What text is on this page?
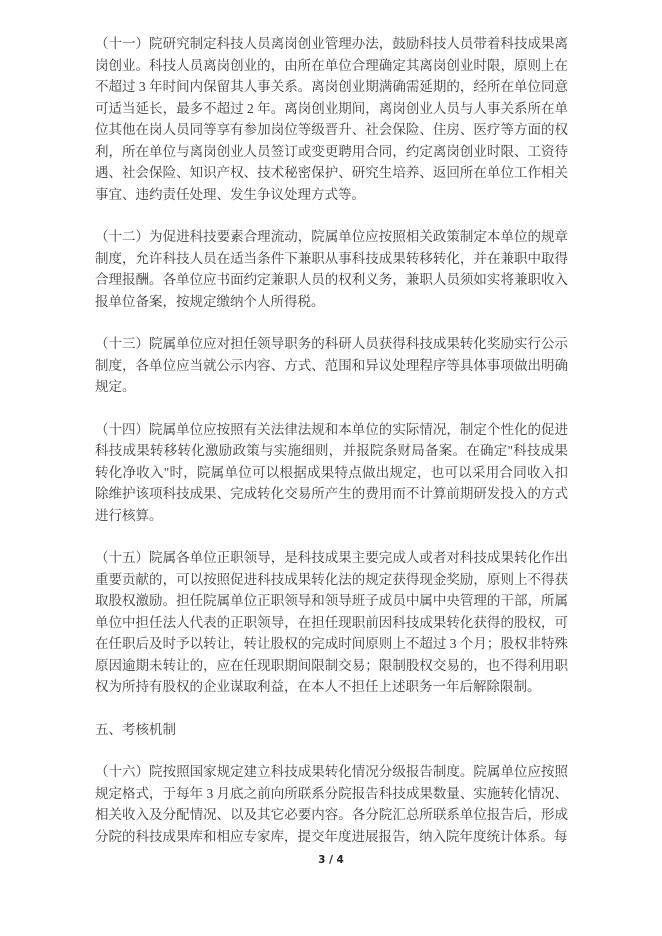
（十一）院研究制定科技人员离岗创业管理办法，鼓励科技人员带着科技成果离岗创业。科技人员离岗创业的，由所在单位合理确定其离岗创业时限，原则上在不超过 3 年时间内保留其人事关系。离岗创业期满确需延期的，经所在单位同意可适当延长，最多不超过 2 年。离岗创业期间，离岗创业人员与人事关系所在单位其他在岗人员同等享有参加岗位等级晋升、社会保险、住房、医疗等方面的权利，所在单位与离岗创业人员签订或变更聘用合同，约定离岗创业时限、工资待遇、社会保险、知识产权、技术秘密保护、研究生培养、返回所在单位工作相关事宜、违约责任处理、发生争议处理方式等。

（十二）为促进科技要素合理流动，院属单位应按照相关政策制定本单位的规章制度，允许科技人员在适当条件下兼职从事科技成果转移转化，并在兼职中取得合理报酬。各单位应书面约定兼职人员的权利义务，兼职人员须如实将兼职收入报单位备案，按规定缴纳个人所得税。

（十三）院属单位应对担任领导职务的科研人员获得科技成果转化奖励实行公示制度，各单位应当就公示内容、方式、范围和异议处理程序等具体事项做出明确规定。

（十四）院属单位应按照有关法律法规和本单位的实际情况，制定个性化的促进科技成果转移转化激励政策与实施细则，并报院条财局备案。在确定"科技成果转化净收入"时，院属单位可以根据成果特点做出规定，也可以采用合同收入扣除维护该项科技成果、完成转化交易所产生的费用而不计算前期研发投入的方式进行核算。

（十五）院属各单位正职领导，是科技成果主要完成人或者对科技成果转化作出重要贡献的，可以按照促进科技成果转化法的规定获得现金奖励，原则上不得获取股权激励。担任院属单位正职领导和领导班子成员中属中央管理的干部，所属单位中担任法人代表的正职领导，在担任现职前因科技成果转化获得的股权，可在任职后及时予以转让，转让股权的完成时间原则上不超过 3 个月；股权非特殊原因逾期未转让的，应在任现职期间限制交易；限制股权交易的，也不得利用职权为所持有股权的企业谋取利益，在本人不担任上述职务一年后解除限制。

五、考核机制

（十六）院按照国家规定建立科技成果转化情况分级报告制度。院属单位应按照规定格式，于每年 3 月底之前向所联系分院报告科技成果数量、实施转化情况、相关收入及分配情况、以及其它必要内容。各分院汇总所联系单位报告后，形成分院的科技成果库和相应专家库，提交年度进展报告，纳入院年度统计体系。每

3 / 4
